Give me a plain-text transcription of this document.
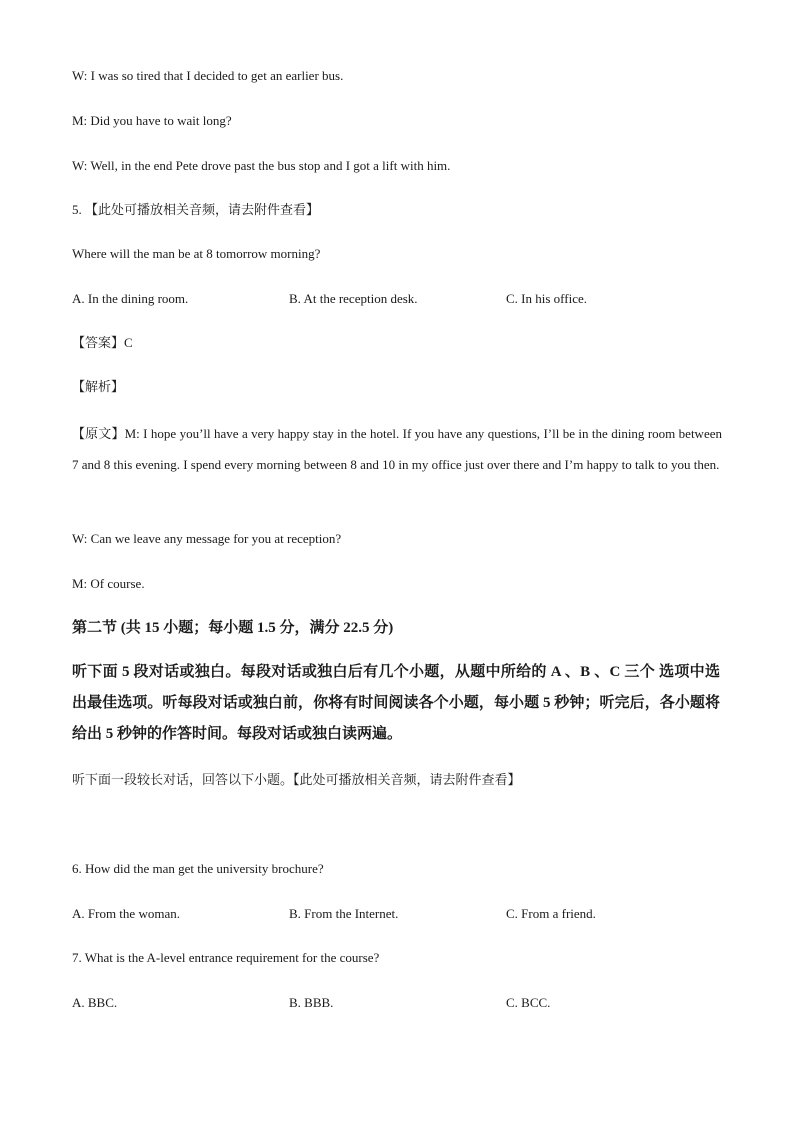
W: I was so tired that I decided to get an earlier bus.
M: Did you have to wait long?
W: Well, in the end Pete drove past the bus stop and I got a lift with him.
5. 【此处可播放相关音频，请去附件查看】
Where will the man be at 8 tomorrow morning?
A. In the dining room.	B. At the reception desk.	C. In his office.
【答案】C
【解析】
【原文】M: I hope you’ll have a very happy stay in the hotel. If you have any questions, I’ll be in the dining room between 7 and 8 this evening. I spend every morning between 8 and 10 in my office just over there and I’m happy to talk to you then.
W: Can we leave any message for you at reception?
M: Of course.
第二节 (共 15 小题；每小题 1.5 分，满分 22.5 分)
听下面 5 段对话或独白。每段对话或独白后有几个小题，从题中所给的 A 、B 、C 三个 选项中选出最佳选项。听每段对话或独白前，你将有时间阅读各个小题，每小题 5 秒钟；听完后，各小题将给出 5 秒钟的作答时间。每段对话或独白读两遍。
听下面一段较长对话，回答以下小题。【此处可播放相关音频，请去附件查看】
6. How did the man get the university brochure?
A. From the woman.	B. From the Internet.	C. From a friend.
7. What is the A-level entrance requirement for the course?
A. BBC.	B. BBB.	C. BCC.
